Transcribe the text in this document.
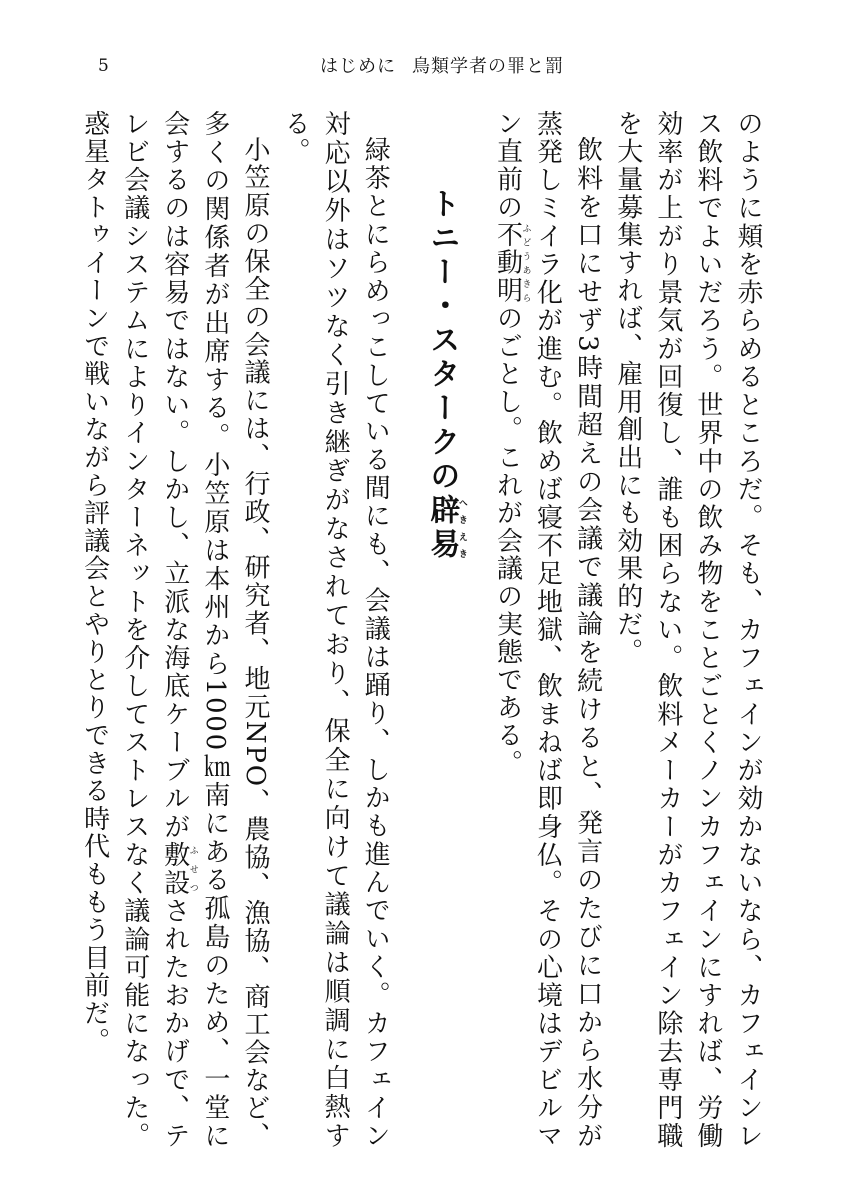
5	はじめに 鳥類学者の罪と罰

のように頬を赤らめるところだ。そも、カフェインが効かないなら、カフェインレス飲料でよいだろう。世界中の飲み物をことごとくノンカフェインにすれば、労働効率が上がり景気が回復し、誰も困らない。飲料メーカーがカフェイン除去専門職を大量募集すれば、雇用創出にも効果的だ。

飲料を口にせず3時間超えの会議で議論を続けると、発言のたびに口から水分が蒸発しミイラ化が進む。飲めば寝不足地獄、飲まねば即身仏。その心境はデビルマン直前の不動明ふどうあきらのごとし。これが会議の実態である。

トニー・スタークの辟易へきえき

緑茶とにらめっこしている間にも、会議は踊り、しかも進んでいく。カフェイン対応以外はソツなく引き継ぎがなされており、保全に向けて議論は順調に白熱する。

小笠原の保全の会議には、行政、研究者、地元NPO、農協、漁協、商工会など、多くの関係者が出席する。小笠原は本州から1000㎞南にある孤島のため、一堂に会するのは容易ではない。しかし、立派な海底ケーブルが敷設ふせつされたおかげで、テレビ会議システムによりインターネットを介してストレスなく議論可能になった。惑星タトゥイーンで戦いながら評議会とやりとりできる時代ももう目前だ。
